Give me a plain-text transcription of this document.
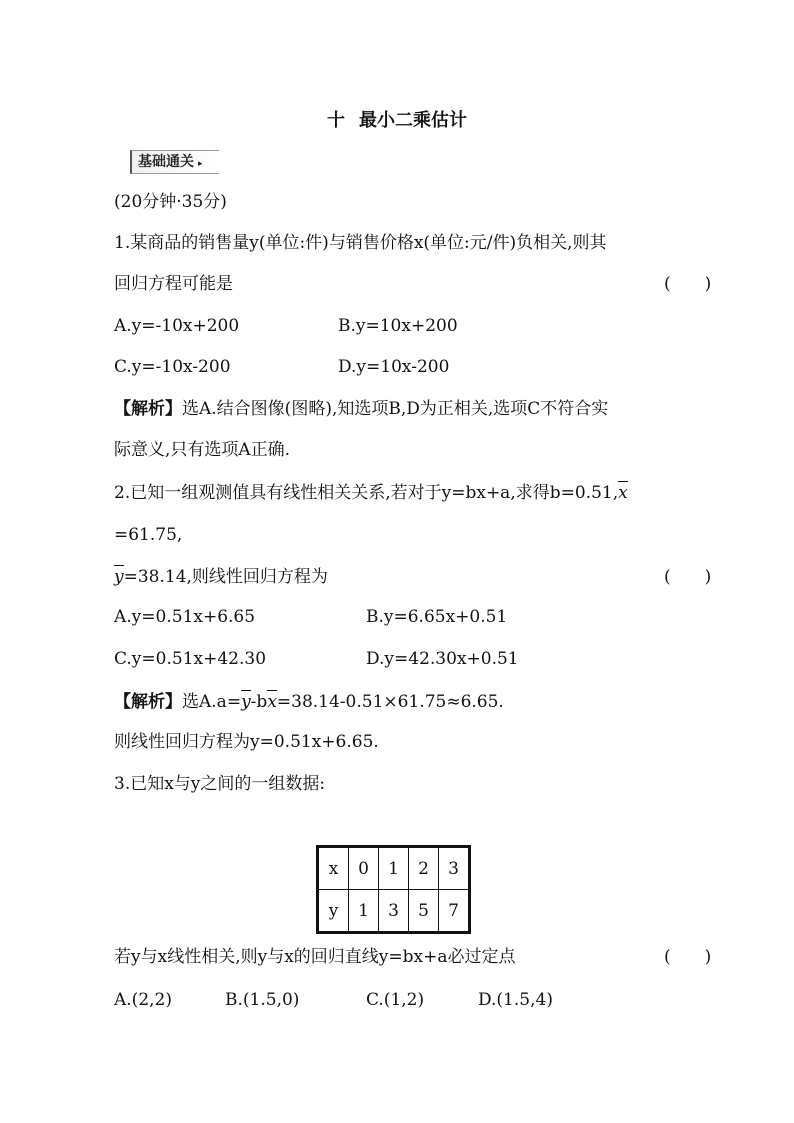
十 最小二乘估计
基础通关 ▸
(20分钟·35分)
1.某商品的销售量y(单位:件)与销售价格x(单位:元/件)负相关,则其
回归方程可能是	(　　)
A.y=-10x+200	B.y=10x+200
C.y=-10x-200	D.y=10x-200
【解析】选A.结合图像(图略),知选项B,D为正相关,选项C不符合实
际意义,只有选项A正确.
2.已知一组观测值具有线性相关关系,若对于y=bx+a,求得b=0.51,x
=61.75,
y=38.14,则线性回归方程为	(　　)
A.y=0.51x+6.65	B.y=6.65x+0.51
C.y=0.51x+42.30	D.y=42.30x+0.51
【解析】选A.a=y-bx=38.14-0.51×61.75≈6.65.
则线性回归方程为y=0.51x+6.65.
3.已知x与y之间的一组数据:
x	0	1	2	3
y	1	3	5	7
若y与x线性相关,则y与x的回归直线y=bx+a必过定点	(　　)
A.(2,2)	B.(1.5,0)	C.(1,2)	D.(1.5,4)
